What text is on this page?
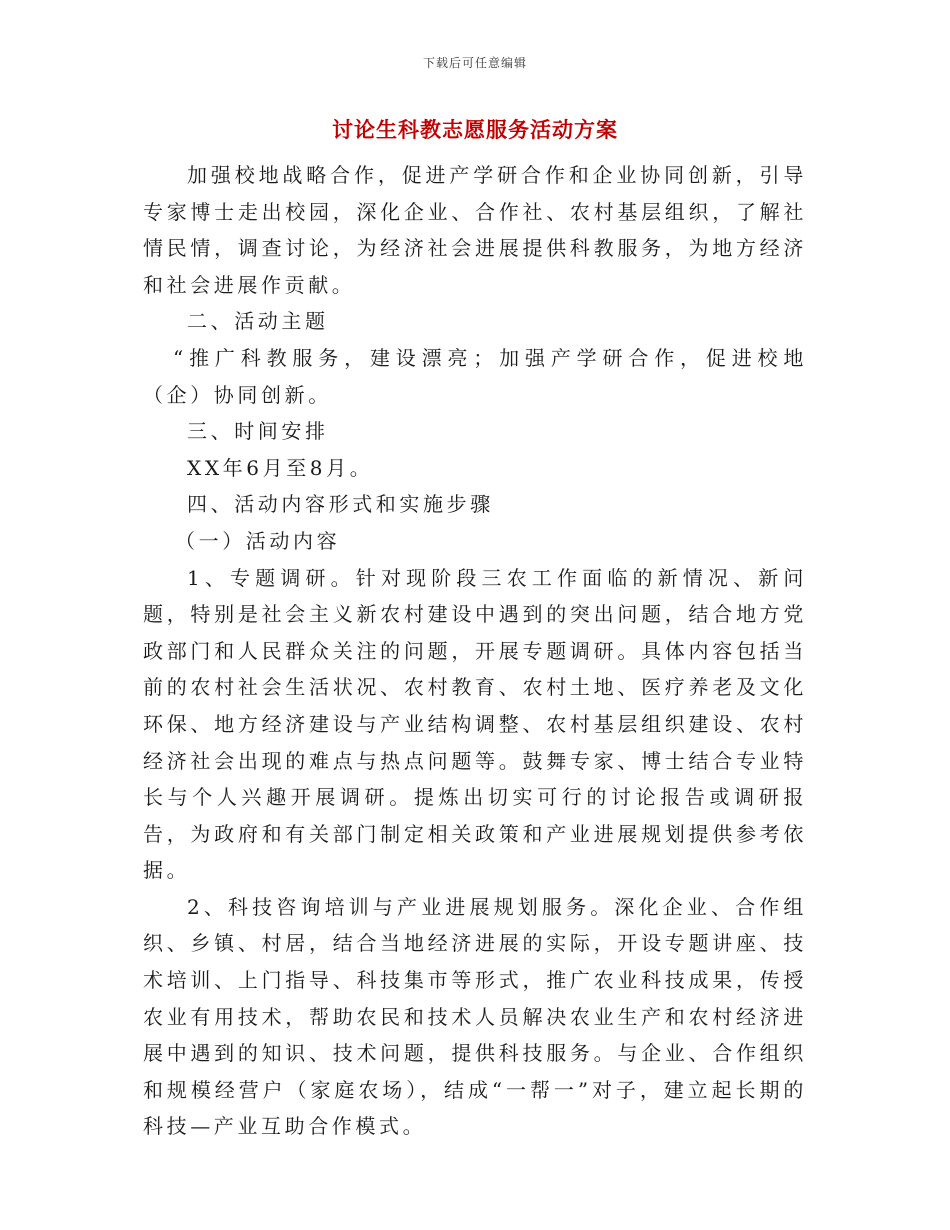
下载后可任意编辑
讨论生科教志愿服务活动方案

加强校地战略合作，促进产学研合作和企业协同创新，引导专家博士走出校园，深化企业、合作社、农村基层组织，了解社情民情，调查讨论，为经济社会进展提供科教服务，为地方经济和社会进展作贡献。

二、活动主题

“推广科教服务，建设漂亮；加强产学研合作，促进校地（企）协同创新。

三、时间安排

XX年6月至8月。

四、活动内容形式和实施步骤

（一）活动内容

1、专题调研。针对现阶段三农工作面临的新情况、新问题，特别是社会主义新农村建设中遇到的突出问题，结合地方党政部门和人民群众关注的问题，开展专题调研。具体内容包括当前的农村社会生活状况、农村教育、农村土地、医疗养老及文化环保、地方经济建设与产业结构调整、农村基层组织建设、农村经济社会出现的难点与热点问题等。鼓舞专家、博士结合专业特长与个人兴趣开展调研。提炼出切实可行的讨论报告或调研报告，为政府和有关部门制定相关政策和产业进展规划提供参考依据。

2、科技咨询培训与产业进展规划服务。深化企业、合作组织、乡镇、村居，结合当地经济进展的实际，开设专题讲座、技术培训、上门指导、科技集市等形式，推广农业科技成果，传授农业有用技术，帮助农民和技术人员解决农业生产和农村经济进展中遇到的知识、技术问题，提供科技服务。与企业、合作组织和规模经营户（家庭农场），结成“一帮一”对子，建立起长期的科技—产业互助合作模式。
